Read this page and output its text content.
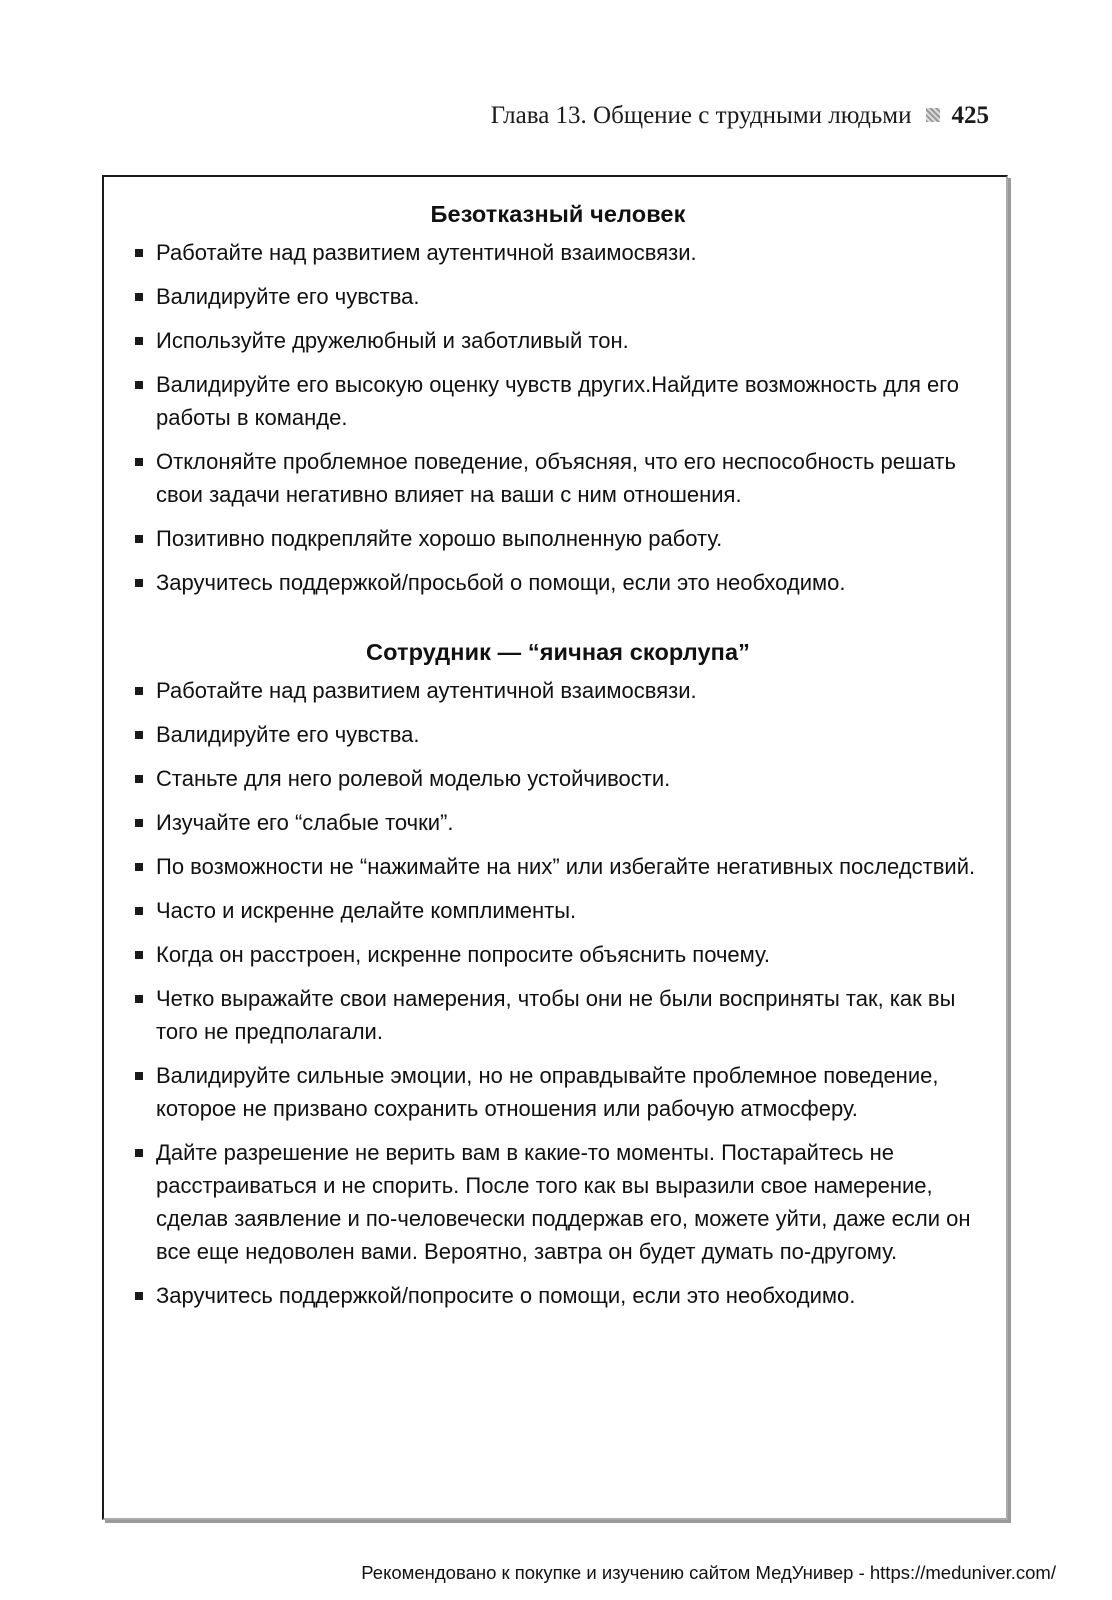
Глава 13. Общение с трудными людьми 425
Безотказный человек
Работайте над развитием аутентичной взаимосвязи.
Валидируйте его чувства.
Используйте дружелюбный и заботливый тон.
Валидируйте его высокую оценку чувств других.Найдите возможность для его работы в команде.
Отклоняйте проблемное поведение, объясняя, что его неспособность решать свои задачи негативно влияет на ваши с ним отношения.
Позитивно подкрепляйте хорошо выполненную работу.
Заручитесь поддержкой/просьбой о помощи, если это необходимо.
Сотрудник — “яичная скорлупа”
Работайте над развитием аутентичной взаимосвязи.
Валидируйте его чувства.
Станьте для него ролевой моделью устойчивости.
Изучайте его “слабые точки”.
По возможности не “нажимайте на них” или избегайте негативных последствий.
Часто и искренне делайте комплименты.
Когда он расстроен, искренне попросите объяснить почему.
Четко выражайте свои намерения, чтобы они не были восприняты так, как вы того не предполагали.
Валидируйте сильные эмоции, но не оправдывайте проблемное поведение, которое не призвано сохранить отношения или рабочую атмосферу.
Дайте разрешение не верить вам в какие-то моменты. Постарайтесь не расстраиваться и не спорить. После того как вы выразили свое намерение, сделав заявление и по-человечески поддержав его, можете уйти, даже если он все еще недоволен вами. Вероятно, завтра он будет думать по-другому.
Заручитесь поддержкой/попросите о помощи, если это необходимо.
Рекомендовано к покупке и изучению сайтом МедУнивер - https://meduniver.com/
